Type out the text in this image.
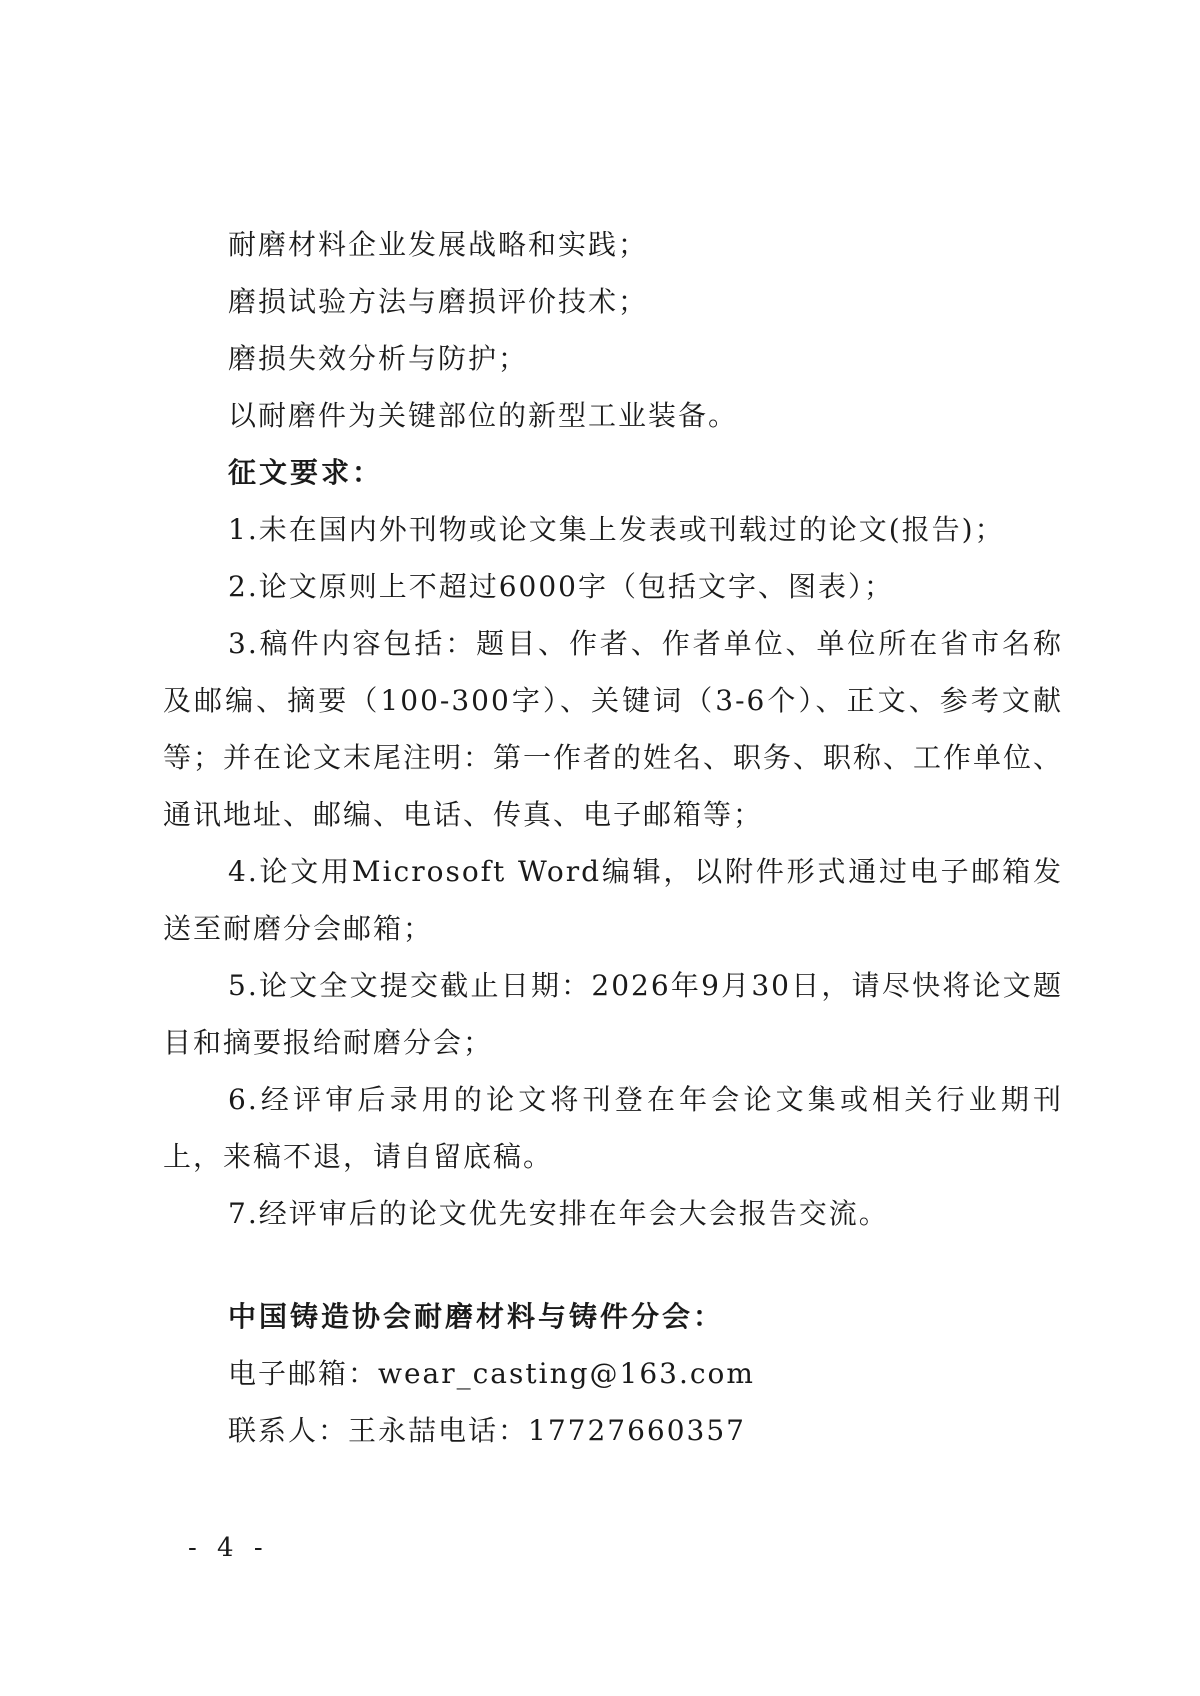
耐磨材料企业发展战略和实践；

磨损试验方法与磨损评价技术；

磨损失效分析与防护；

以耐磨件为关键部位的新型工业装备。

征文要求：

1.未在国内外刊物或论文集上发表或刊载过的论文(报告)；

2.论文原则上不超过6000字（包括文字、图表）；

3.稿件内容包括：题目、作者、作者单位、单位所在省市名称及邮编、摘要（100-300字）、关键词（3-6个）、正文、参考文献等；并在论文末尾注明：第一作者的姓名、职务、职称、工作单位、通讯地址、邮编、电话、传真、电子邮箱等；

4.论文用Microsoft Word编辑，以附件形式通过电子邮箱发送至耐磨分会邮箱；

5.论文全文提交截止日期：2026年9月30日，请尽快将论文题目和摘要报给耐磨分会；

6.经评审后录用的论文将刊登在年会论文集或相关行业期刊上，来稿不退，请自留底稿。

7.经评审后的论文优先安排在年会大会报告交流。

中国铸造协会耐磨材料与铸件分会：

电子邮箱：wear_casting@163.com

联系人：王永喆电话：17727660357

- 4 -
